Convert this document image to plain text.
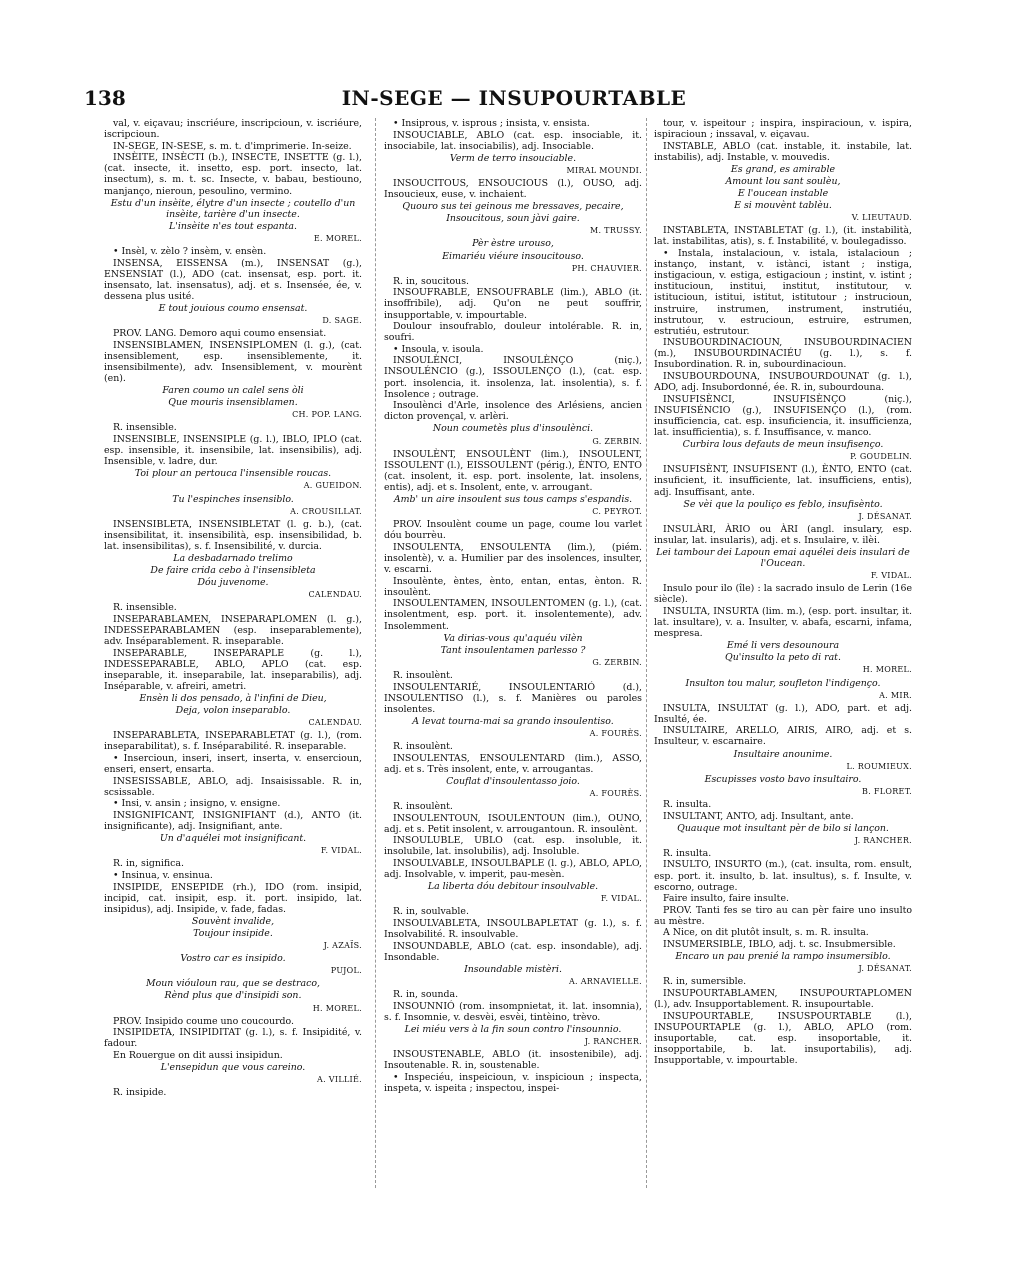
138	IN-SEGE — INSUPOURTABLE

val, v. eiçavau; inscriéure, inscripcioun, v. iscriéure, iscripcioun.

IN-SEGE, IN-SESE, s. m. t. d'imprimerie. In-seize.

INSÈITE, INSÈCTI (b.), INSECTE, INSETTE (g. l.), (cat. insecte, it. insetto, esp. port. insecto, lat. insectum), s. m. t. sc. Insecte, v. babau, bestiouno, manjanço, nieroun, pesoulino, vermino.

Estu d'un insèite, élytre d'un insecte ; coutello d'un insèite, tarière d'un insecte.

L'insèite n'es tout espanta.

E. MOREL.

• Insèl, v. zèlo ? insèm, v. ensèn.

INSENSA, EISSENSA (m.), INSENSAT (g.), ENSENSIAT (l.), ADO (cat. insensat, esp. port. it. insensato, lat. insensatus), adj. et s. Insensée, ée, v. dessena plus usité.

E tout jouious coumo ensensat.

D. SAGE.

PROV. LANG. Demoro aqui coumo ensensiat.

INSENSIBLAMEN, INSENSIPLOMEN (l. g.), (cat. insensiblement, esp. insensiblemente, it. insensibilmente), adv. Insensiblement, v. mourènt (en).

Faren coumo un calel sens òli

Que mouris insensiblamen.

CH. POP. LANG.

R. insensible.

INSENSIBLE, INSENSIPLE (g. l.), IBLO, IPLO (cat. esp. insensible, it. insensibile, lat. insensibilis), adj. Insensible, v. ladre, dur.

Toi plour an pertouca l'insensible roucas.

A. GUEIDON.

Tu l'espinches insensiblo.

A. CROUSILLAT.

INSENSIBLETA, INSENSIBLETAT (l. g. b.), (cat. insensibilitat, it. insensibilità, esp. insensibilidad, b. lat. insensibilitas), s. f. Insensibilité, v. durcia.

La desbadarnado trelimo

De faire crida cebo à l'insensibleta

Dóu juvenome.

CALENDAU.

R. insensible.

INSEPARABLAMEN, INSEPARAPLOMEN (l. g.), INDESSEPARABLAMEN (esp. inseparablemente), adv. Inséparablement. R. inseparable.

INSEPARABLE, INSEPARAPLE (g. l.), INDESSEPARABLE, ABLO, APLO (cat. esp. inseparable, it. inseparabile, lat. inseparabilis), adj. Inséparable, v. afreiri, ametri.

Ensèn li dos pensado, à l'infini de Dieu,

Deja, volon inseparablo.

CALENDAU.

INSEPARABLETA, INSEPARABLETAT (g. l.), (rom. inseparabilitat), s. f. Inséparabilité. R. inseparable.

• Insercioun, inseri, insert, inserta, v. ensercioun, enseri, ensert, ensarta.

INSESISSABLE, ABLO, adj. Insaisissable. R. in, scsissable.

• Insi, v. ansin ; insigno, v. ensigne.

INSIGNIFICANT, INSIGNIFIANT (d.), ANTO (it. insignificante), adj. Insignifiant, ante.

Un d'aquélei mot insignificant.

F. VIDAL.

R. in, significa.

• Insinua, v. ensinua.

INSIPIDE, ENSEPIDE (rh.), IDO (rom. insipid, incipid, cat. insipit, esp. it. port. insipido, lat. insipidus), adj. Insipide, v. fade, fadas.

Souvènt invalide,

Toujour insipide.

J. AZAÏS.

Vostro car es insipido.

PUJOL.

Moun vióuloun rau, que se destraco,

Rènd plus que d'insipidi son.

H. MOREL.

PROV. Insipido coume uno coucourdo.

INSIPIDETA, INSIPIDITAT (g. l.), s. f. Insipidité, v. fadour.

En Rouergue on dit aussi insipidun.

L'ensepidun que vous careino.

A. VILLIÉ.

R. insipide.

• Insiprous, v. isprous ; insista, v. ensista.

INSOUCIABLE, ABLO (cat. esp. insociable, it. insociabile, lat. insociabilis), adj. Insociable.

Verm de terro insouciable.

MIRAL MOUNDI.

INSOUCITOUS, ENSOUCIOUS (l.), OUSO, adj. Insoucieux, euse, v. inchaient.

Quouro sus tei geinous me bressaves, pecaire,

Insoucitous, soun jàvi gaire.

M. TRUSSY.

Pèr èstre urouso,

Eimariéu viéure insoucitouso.

PH. CHAUVIER.

R. in, soucitous.

INSOUFRABLE, ENSOUFRABLE (lim.), ABLO (it. insoffribile), adj. Qu'on ne peut souffrir, insupportable, v. impourtable.

Doulour insoufrablo, douleur intolérable. R. in, soufri.

• Insoula, v. isoula.

INSOULÈNCI, INSOULÈNÇO (niç.), INSOULÉNCIO (g.), ISSOULENÇO (l.), (cat. esp. port. insolencia, it. insolenza, lat. insolentia), s. f. Insolence ; outrage.

Insoulènci d'Arle, insolence des Arlésiens, ancien dicton provençal, v. arlèri.

Noun coumetès plus d'insoulènci.

G. ZERBIN.

INSOULÈNT, ENSOULÈNT (lim.), INSOULENT, ISSOULENT (l.), EISSOULENT (périg.), ÈNTO, ENTO (cat. insolent, it. esp. port. insolente, lat. insolens, entis), adj. et s. Insolent, ente, v. arrougant.

Amb' un aire insoulent sus tous camps s'espandis.

C. PEYROT.

PROV. Insoulènt coume un page, coume lou varlet dóu bourrèu.

INSOULENTA, ENSOULENTA (lim.), (piém. insolentè), v. a. Humilier par des insolences, insulter, v. escarni.

Insoulènte, èntes, ènto, entan, entas, ènton. R. insoulènt.

INSOULENTAMEN, INSOULENTOMEN (g. l.), (cat. insolentment, esp. port. it. insolentemente), adv. Insolemment.

Va dirias-vous qu'aquéu vilèn

Tant insoulentamen parlesso ?

G. ZERBIN.

R. insoulènt.

INSOULENTARIÉ, INSOULENTARIÓ (d.), INSOULENTISO (l.), s. f. Manières ou paroles insolentes.

A levat tourna-mai sa grando insoulentiso.

A. FOURÈS.

R. insoulènt.

INSOULENTAS, ENSOULENTARD (lim.), ASSO, adj. et s. Très insolent, ente, v. arrougantas.

Couflat d'insoulentasso joio.

A. FOURÈS.

R. insoulènt.

INSOULENTOUN, ISOULENTOUN (lim.), OUNO, adj. et s. Petit insolent, v. arrougantoun. R. insoulènt.

INSOULUBLE, UBLO (cat. esp. insoluble, it. insolubile, lat. insolubilis), adj. Insoluble.

INSOULVABLE, INSOULBAPLE (l. g.), ABLO, APLO, adj. Insolvable, v. imperit, pau-mesèn.

La liberta dóu debitour insoulvable.

F. VIDAL.

R. in, soulvable.

INSOULVABLETA, INSOULBAPLETAT (g. l.), s. f. Insolvabilité. R. insoulvable.

INSOUNDABLE, ABLO (cat. esp. insondable), adj. Insondable.

Insoundable mistèri.

A. ARNAVIELLE.

R. in, sounda.

INSOUNNIÓ (rom. insompnietat, it. lat. insomnia), s. f. Insomnie, v. desvèi, esvèi, tintèino, trèvo.

Lei miéu vers à la fin soun contro l'insounnio.

J. RANCHER.

INSOUSTENABLE, ABLO (it. insostenibile), adj. Insoutenable. R. in, soustenable.

• Inspeciéu, inspeicioun, v. inspicioun ; inspecta, inspeta, v. ispeita ; inspectou, inspei-

tour, v. ispeitour ; inspira, inspiracioun, v. ispira, ispiracioun ; inssaval, v. eiçavau.

INSTABLE, ABLO (cat. instable, it. instabile, lat. instabilis), adj. Instable, v. mouvedis.

Es grand, es amirable

Amount lou sant soulèu,

E l'oucean instable

E si mouvènt tablèu.

V. LIEUTAUD.

INSTABLETA, INSTABLETAT (g. l.), (it. instabilità, lat. instabilitas, atis), s. f. Instabilité, v. boulegadisso.

• Instala, instalacioun, v. istala, istalacioun ; instanço, instant, v. istànci, istant ; instiga, instigacioun, v. estiga, estigacioun ; instint, v. istint ; institucioun, institui, institut, institutour, v. istitucioun, istitui, istitut, istitutour ; instrucioun, instruire, instrumen, instrument, instrutiéu, instrutour, v. estrucioun, estruire, estrumen, estrutiéu, estrutour.

INSUBOURDINACIOUN, INSUBOURDINACIEN (m.), INSUBOURDINACIÉU (g. l.), s. f. Insubordination. R. in, subourdinacioun.

INSUBOURDOUNA, INSUBOURDOUNAT (g. l.), ADO, adj. Insubordonné, ée. R. in, subourdouna.

INSUFISÈNCI, INSUFISÈNÇO (niç.), INSUFISÉNCIO (g.), INSUFISENÇO (l.), (rom. insufficiencia, cat. esp. insuficiencia, it. insufficienza, lat. insufficientia), s. f. Insuffisance, v. manco.

Curbira lous defauts de meun insufisenço.

P. GOUDELIN.

INSUFISÈNT, INSUFISENT (l.), ÈNTO, ENTO (cat. insuficient, it. insufficiente, lat. insufficiens, entis), adj. Insuffisant, ante.

Se vèi que la pouliço es feblo, insufisènto.

J. DÉSANAT.

INSULÀRI, ÀRIO ou ÀRI (angl. insulary, esp. insular, lat. insularis), adj. et s. Insulaire, v. ilèi.

Lei tambour dei Lapoun emai aquélei deis insulari de l'Oucean.

F. VIDAL.

Insulo pour ilo (île) : la sacrado insulo de Lerin (16e siècle).

INSULTA, INSURTA (lim. m.), (esp. port. insultar, it. lat. insultare), v. a. Insulter, v. abafa, escarni, infama, mespresa.

Emé li vers desounoura

Qu'insulto la peto di rat.

H. MOREL.

Insulton tou malur, soufleton l'indigenço.

A. MIR.

INSULTA, INSULTAT (g. l.), ADO, part. et adj. Insulté, ée.

INSULTAIRE, ARELLO, AIRIS, AIRO, adj. et s. Insulteur, v. escarnaire.

Insultaire anounime.

L. ROUMIEUX.

Escupisses vosto bavo insultairo.

B. FLORET.

R. insulta.

INSULTANT, ANTO, adj. Insultant, ante.

Quauque mot insultant pèr de bilo si lançon.

J. RANCHER.

R. insulta.

INSULTO, INSURTO (m.), (cat. insulta, rom. ensult, esp. port. it. insulto, b. lat. insultus), s. f. Insulte, v. escorno, outrage.

Faire insulto, faire insulte.

PROV. Tanti fes se tiro au can pèr faire uno insulto au mèstre.

A Nice, on dit plutôt insult, s. m. R. insulta.

INSUMERSIBLE, IBLO, adj. t. sc. Insubmersible.

Encaro un pau prenié la rampo insumersiblo.

J. DÉSANAT.

R. in, sumersible.

INSUPOURTABLAMEN, INSUPOURTAPLOMEN (l.), adv. Insupportablement. R. insupourtable.

INSUPOURTABLE, INSUSPOURTABLE (l.), INSUPOURTAPLE (g. l.), ABLO, APLO (rom. insuportable, cat. esp. insoportable, it. insopportabile, b. lat. insuportabilis), adj. Insupportable, v. impourtable.
